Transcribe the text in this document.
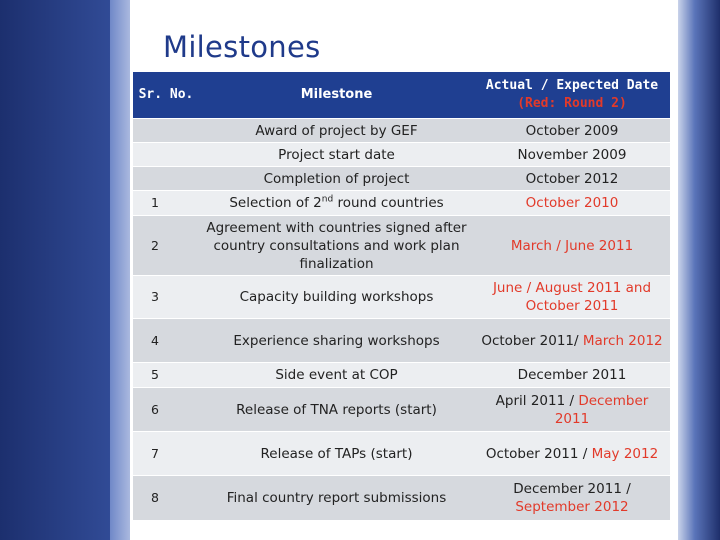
Milestones
Sr. No.	Milestone	Actual / Expected Date (Red: Round 2)
	Award of project by GEF	October 2009
	Project start date	November 2009
	Completion of project	October 2012
1	Selection of 2nd round countries	October 2010
2	Agreement with countries signed after country consultations and work plan finalization	March / June 2011
3	Capacity building workshops	June / August 2011 and October 2011
4	Experience sharing workshops	October 2011/ March 2012
5	Side event at COP	December 2011
6	Release of TNA reports (start)	April 2011 / December 2011
7	Release of TAPs (start)	October 2011 / May 2012
8	Final country report submissions	December 2011 / September 2012
